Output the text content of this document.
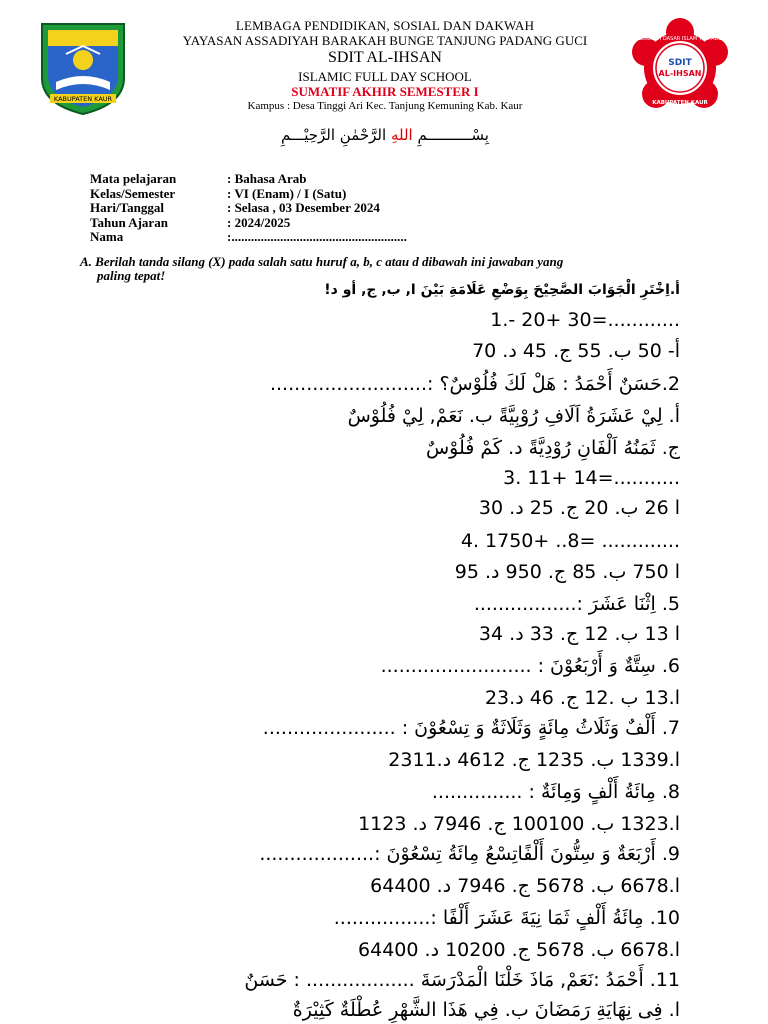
KABUPATEN KAUR
LEMBAGA PENDIDIKAN, SOSIAL DAN DAKWAH
YAYASAN ASSADIYAH BARAKAH BUNGE TANJUNG PADANG GUCI
SDIT AL-IHSAN
ISLAMIC FULL DAY SCHOOL
SUMATIF AKHIR SEMESTER I
Kampus : Desa Tinggi Ari Kec. Tanjung Kemuning Kab. Kaur
SEKOLAH DASAR ISLAM TERPADU
SDIT
AL-IHSAN
KABUPATEN KAUR
بِسْــــــــــمِ اللهِ الرَّحْمٰنِ الرَّحِيْـــمِ
Mata pelajaran	: Bahasa Arab
Kelas/Semester	: VI (Enam) / I (Satu)
Hari/Tanggal	: Selasa , 03 Desember 2024
Tahun Ajaran	: 2024/2025
Nama	:......................................................
A. Berilah tanda silang (X) pada salah satu huruf a, b, c atau d dibawah ini jawaban yang
paling tepat!
أ.اِخْتَرِ الْجَوَابَ الصَّحِيْحَ بِوَضْعِ عَلَامَةِ بَيْنَ ا, ب, ج, أو د!
1.- 20+ 30=............
أ- 50 ب. 55 ج. 45 د. 70
2.حَسَنٌ أَحْمَدُ : هَلْ لَكَ فُلُوْسٌ؟ :..........................
أ. لِيْ عَشَرَةُ اَلَافِ رُوْبِيَّةً ب. نَعَمْ, لِيْ فُلُوْسٌ
ج. ثَمَنُهُ اَلْفَانِ رُوْدِيَّةً د. كَمْ فُلُوْسٌ
3. 11+ 14=...........
ا 26 ب. 20 ج. 25 د. 30
4. 1750+ ..8= .............
ا 750 ب. 85 ج. 950 د. 95
5. اِثْنَا عَشَرَ :.................
ا 13 ب. 12 ج. 33 د. 34
6. سِتَّةٌ وَ أَرْبَعُوْنَ : .........................
ا.13 ب .12 ج. 46 د.23
7. أَلْفٌ وَثَلَاثُ مِائَةٍ وَثَلَاثَةٌ وَ تِسْعُوْنَ : ......................
ا.1339 ب. 1235 ج. 4612 د.2311
8. مِائَةُ أَلْفٍ وَمِائَةٌ : ...............
ا.1323 ب. 100100 ج. 7946 د. 1123
9. أَرْبَعَةٌ وَ سِتُّونَ أَلْفًاتِسْعُ مِائَةُ تِسْعُوْنَ :...................
ا.6678 ب. 5678 ج. 7946 د. 64400
10. مِائَةُ أَلْفٍ ثَمَا نِيَةَ عَشَرَ أَلْفًا :................
ا.6678 ب. 5678 ج. 10200 د. 64400
11. أَحْمَدُ :نَعَمْ, مَاذَ خَلْنَا الْمَدْرَسَةَ .................. : حَسَنٌ
ا. فِى نِهَايَةِ رَمَضَانَ ب. فِي هَذَا الشَّهْرِ عُطْلَةٌ كَثِيْرَةٌ
